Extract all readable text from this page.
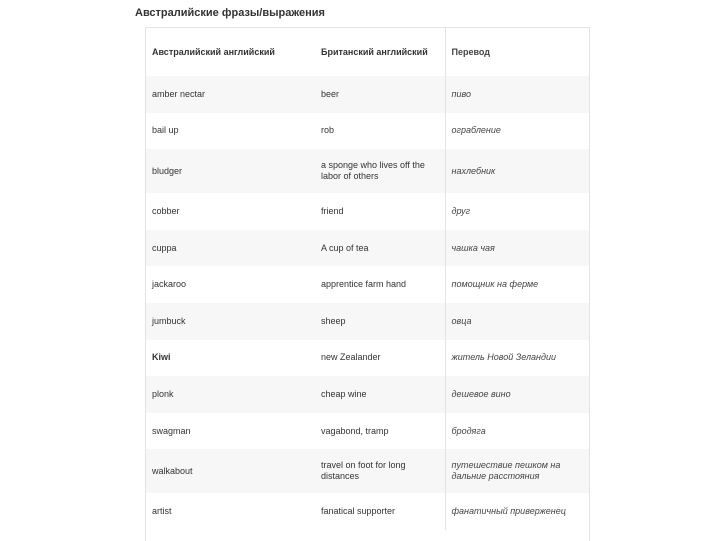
Австралийские фразы/выражения
Австралийский английский	Британский английский	Перевод
amber nectar	beer	пиво
bail up	rob	ограбление
bludger	a sponge who lives off the labor of others	нахлебник
cobber	friend	друг
cuppa	A cup of tea	чашка чая
jackaroo	apprentice farm hand	помощник на ферме
jumbuck	sheep	овца
Kiwi	new Zealander	житель Новой Зеландии
plonk	cheap wine	дешевое вино
swagman	vagabond, tramp	бродяга
walkabout	travel on foot for long distances	путешествие пешком на дальние расстояния
artist	fanatical supporter	фанатичный приверженец
